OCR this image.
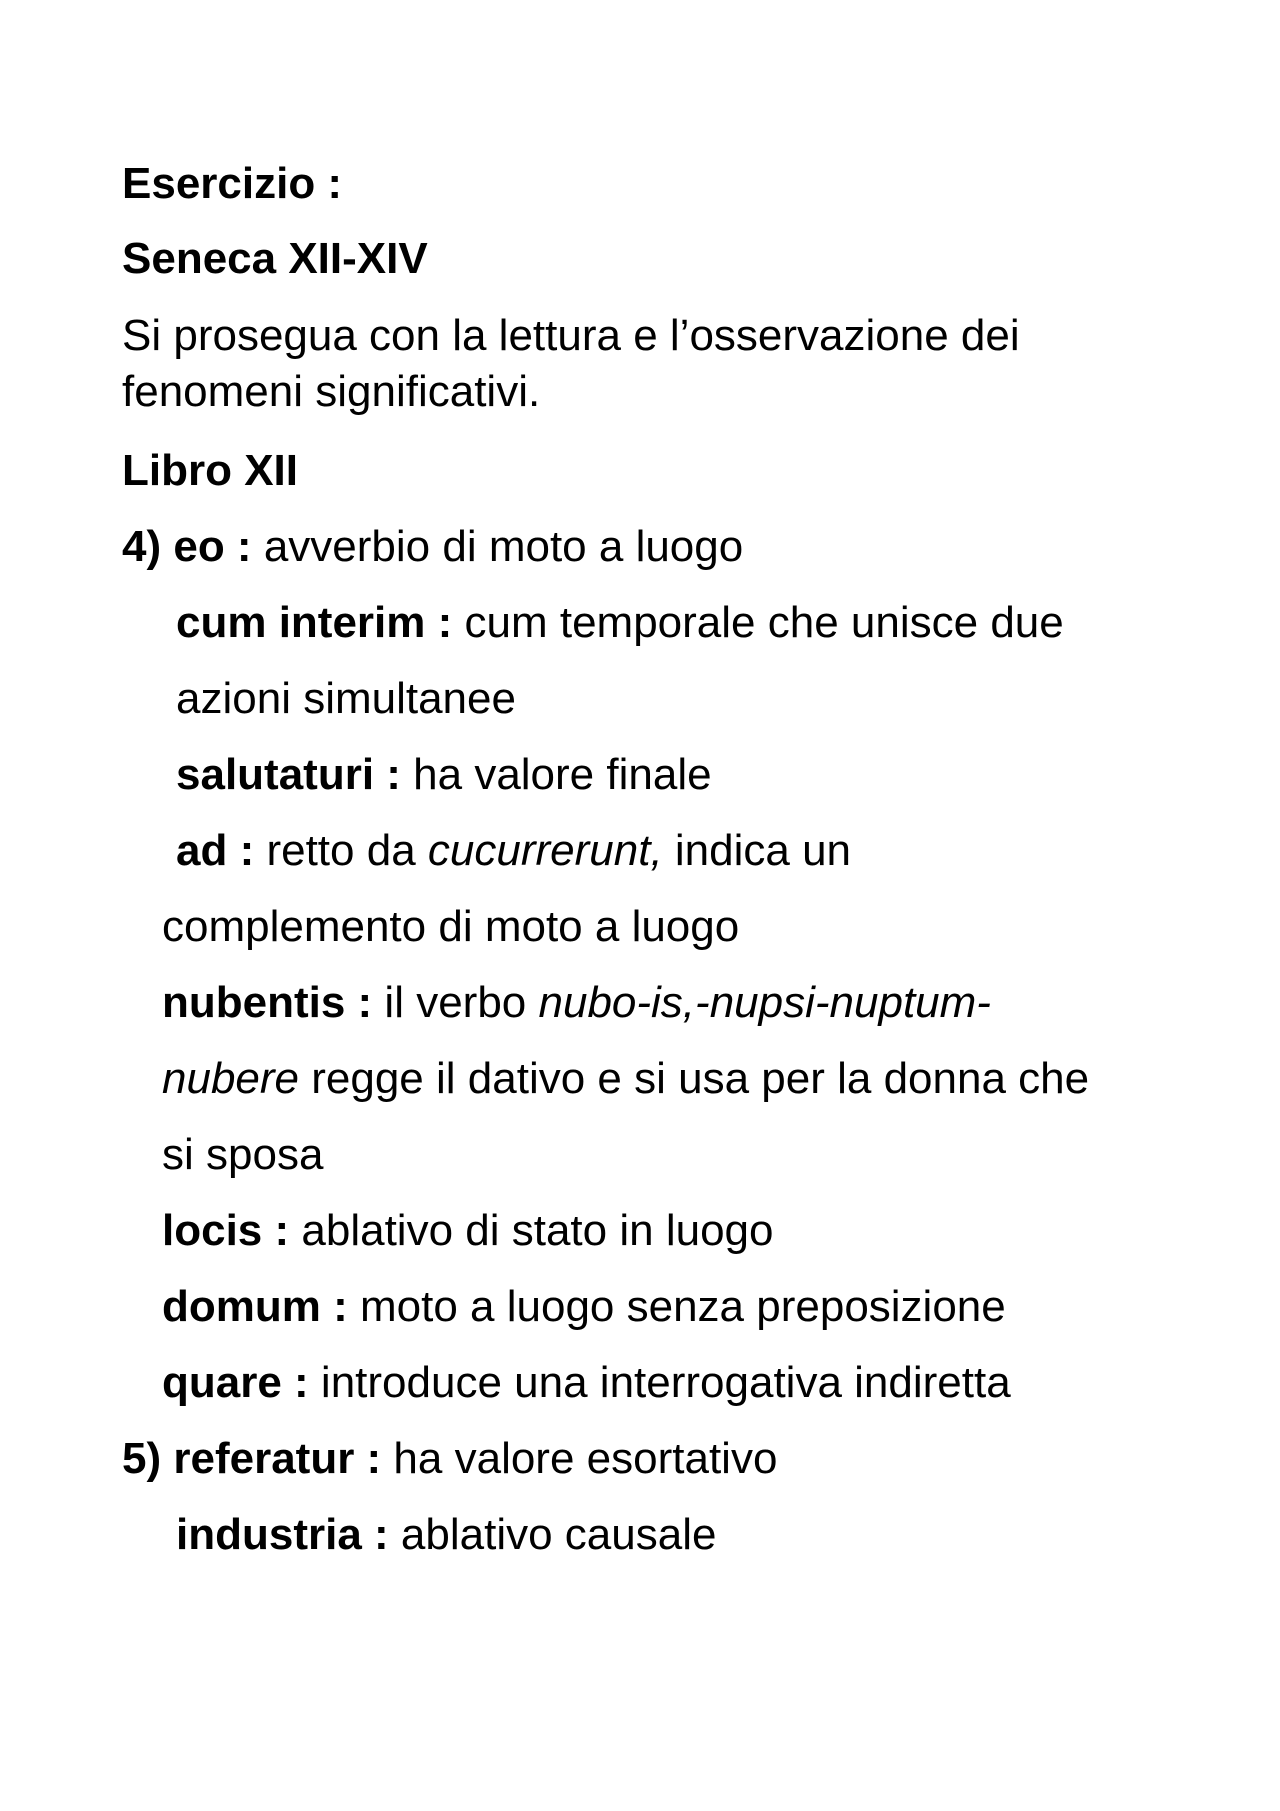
Esercizio :

Seneca XII-XIV

Si prosegua con la lettura e l’osservazione dei

fenomeni significativi.

Libro XII

4) eo : avverbio di moto a luogo

cum interim : cum temporale che unisce due

azioni simultanee

salutaturi : ha valore finale

ad : retto da cucurrerunt, indica un

complemento di moto a luogo

nubentis : il verbo nubo-is,-nupsi-nuptum-

nubere regge il dativo e si usa per la donna che

si sposa

locis : ablativo di stato in luogo

domum : moto a luogo senza preposizione

quare : introduce una interrogativa indiretta

5) referatur : ha valore esortativo

industria : ablativo causale
